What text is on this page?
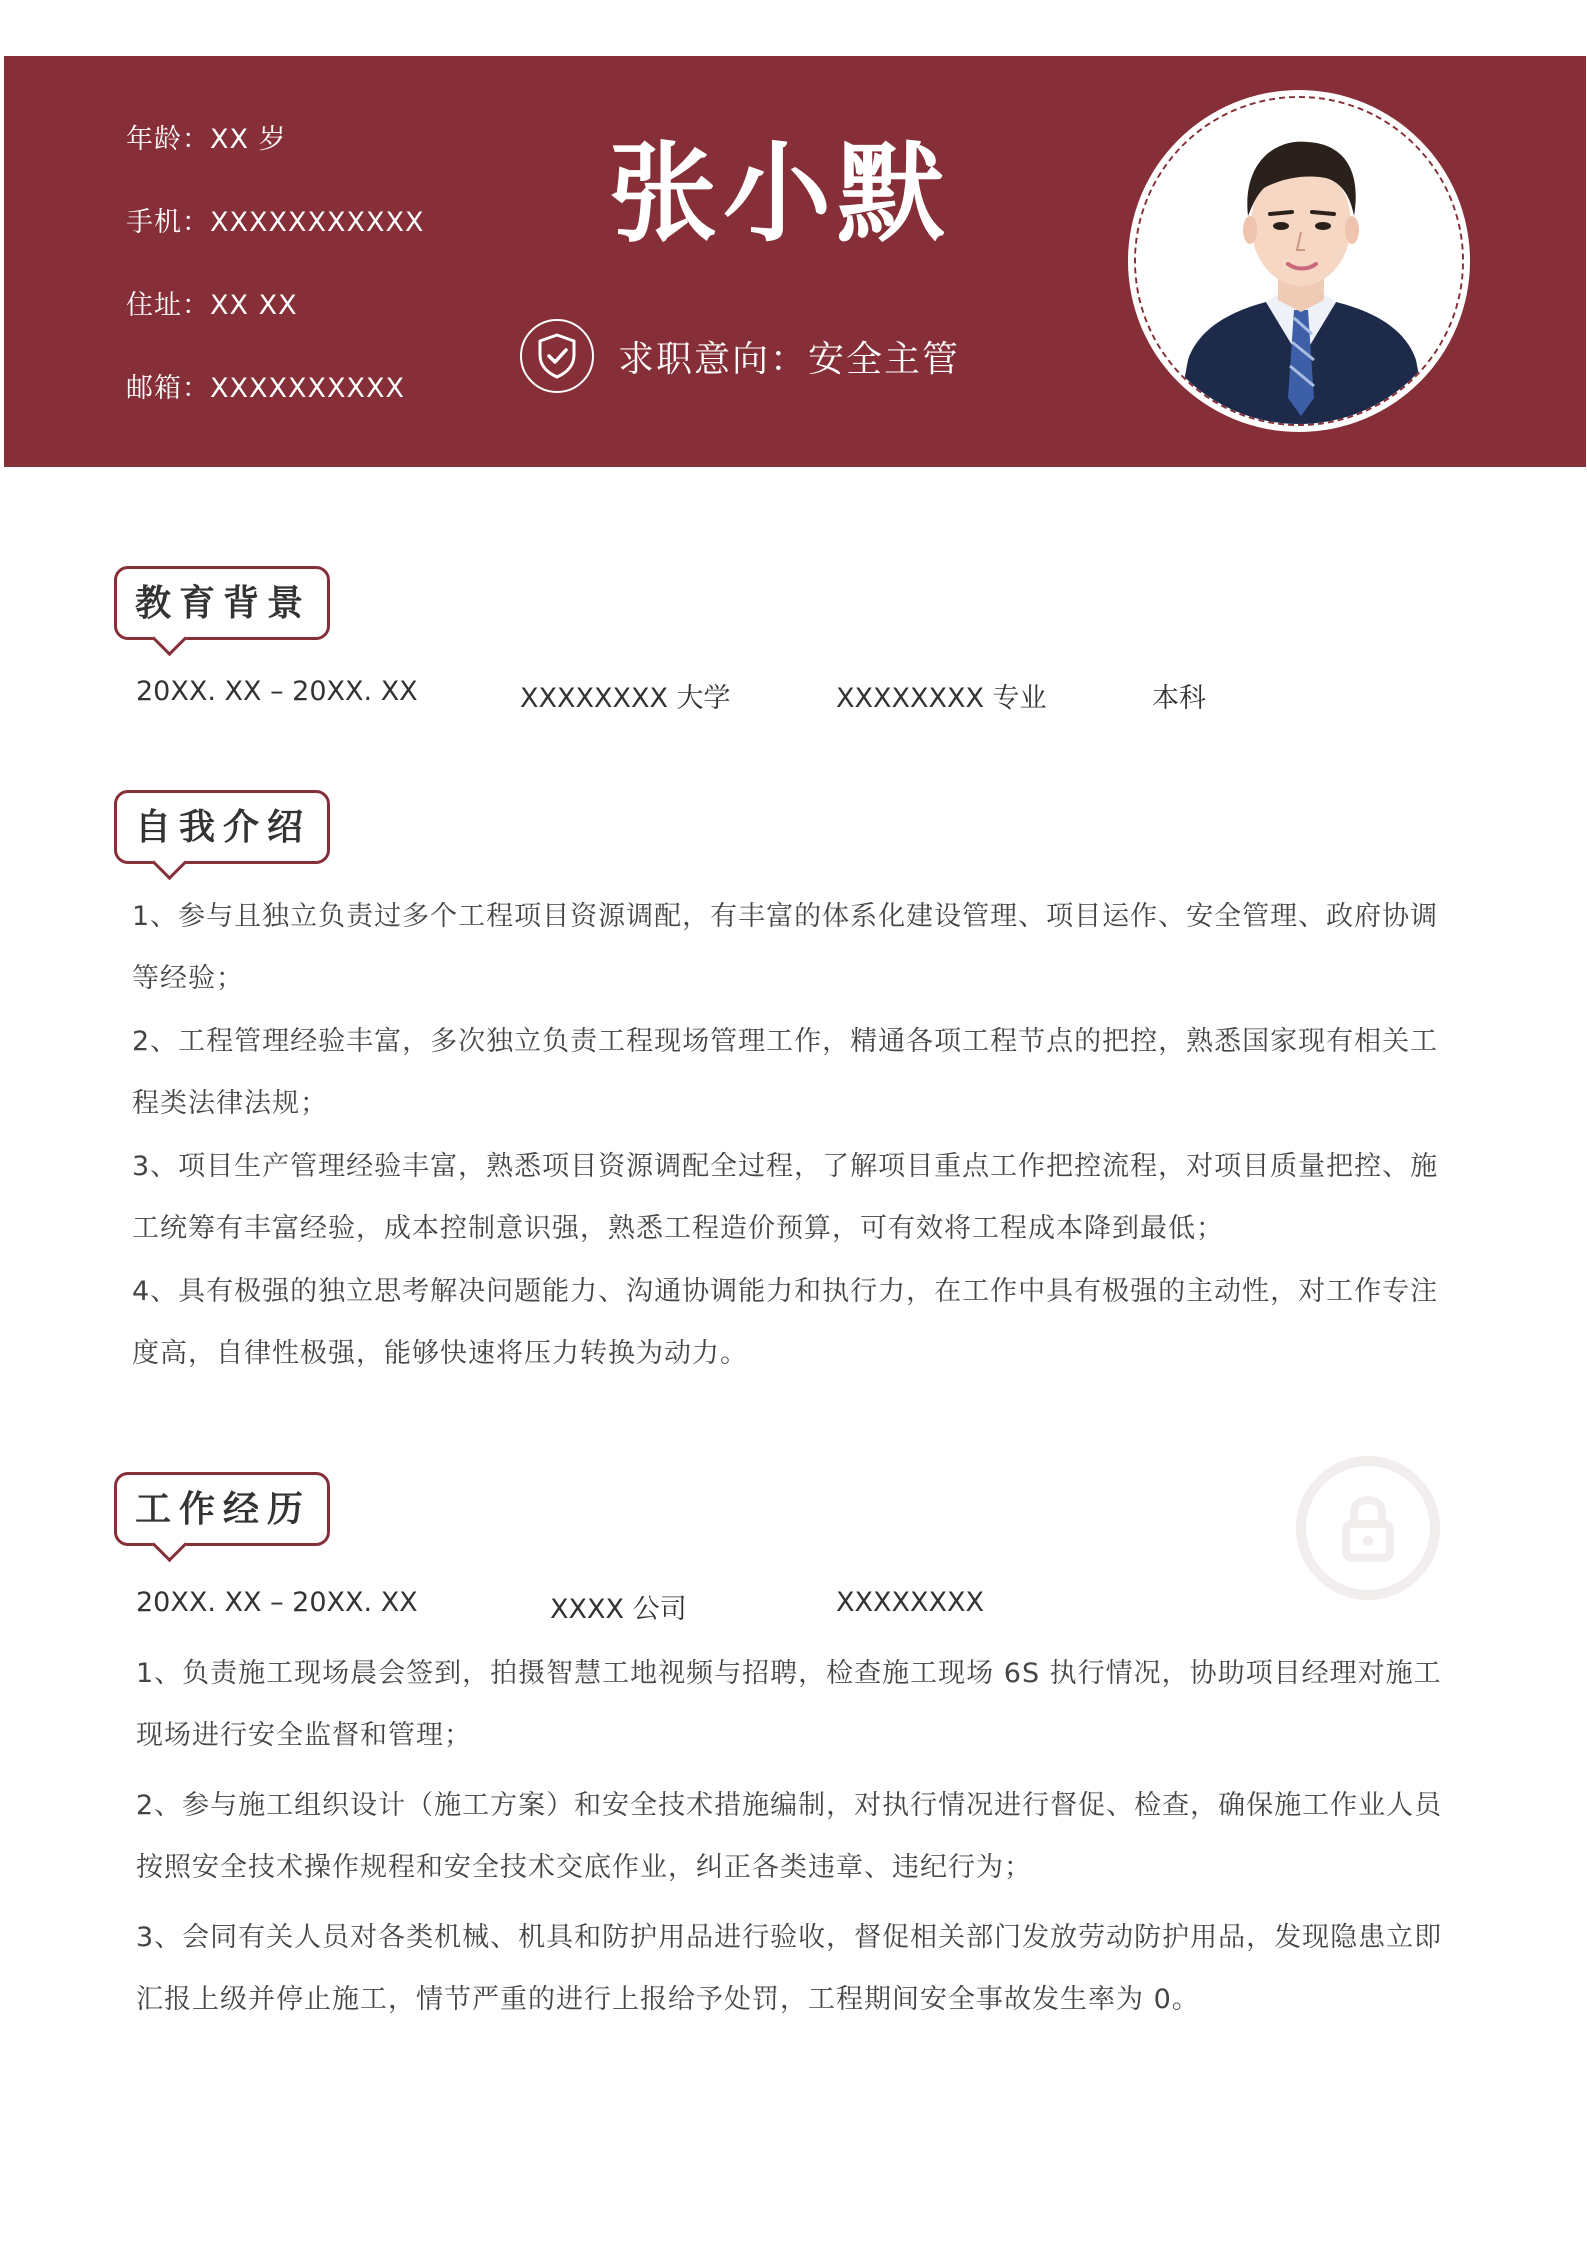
年龄：XX 岁
手机：XXXXXXXXXXX
住址：XX XX
邮箱：XXXXXXXXXX
张小默
求职意向：安全主管
教育背景
20XX. XX – 20XX. XX	XXXXXXXX 大学	XXXXXXXX 专业	本科
自我介绍
1、参与且独立负责过多个工程项目资源调配，有丰富的体系化建设管理、项目运作、安全管理、政府协调等经验；
2、工程管理经验丰富，多次独立负责工程现场管理工作，精通各项工程节点的把控，熟悉国家现有相关工程类法律法规；
3、项目生产管理经验丰富，熟悉项目资源调配全过程，了解项目重点工作把控流程，对项目质量把控、施工统筹有丰富经验，成本控制意识强，熟悉工程造价预算，可有效将工程成本降到最低；
4、具有极强的独立思考解决问题能力、沟通协调能力和执行力，在工作中具有极强的主动性，对工作专注度高，自律性极强，能够快速将压力转换为动力。
工作经历
20XX. XX – 20XX. XX	XXXX 公司	XXXXXXXX
1、负责施工现场晨会签到，拍摄智慧工地视频与招聘，检查施工现场 6S 执行情况，协助项目经理对施工现场进行安全监督和管理；
2、参与施工组织设计（施工方案）和安全技术措施编制，对执行情况进行督促、检查，确保施工作业人员按照安全技术操作规程和安全技术交底作业，纠正各类违章、违纪行为；
3、会同有关人员对各类机械、机具和防护用品进行验收，督促相关部门发放劳动防护用品，发现隐患立即汇报上级并停止施工，情节严重的进行上报给予处罚，工程期间安全事故发生率为 0。
